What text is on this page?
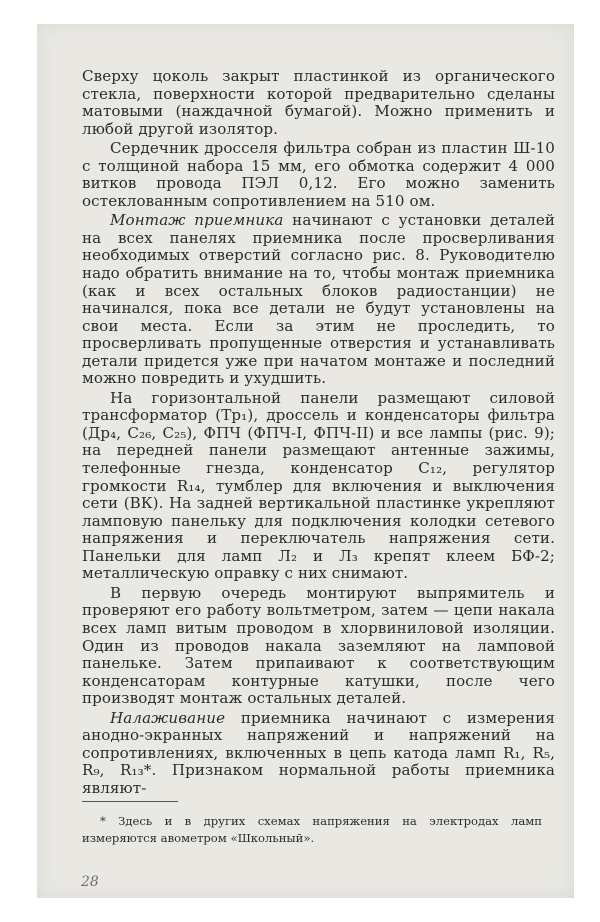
Сверху цоколь закрыт пластинкой из органического стекла, поверхности которой предварительно сделаны матовыми (наждачной бумагой). Можно применить и любой другой изолятор.

Сердечник дросселя фильтра собран из пластин Ш-10 с толщиной набора 15 мм, его обмотка содержит 4 000 витков провода ПЭЛ 0,12. Его можно заменить остеклованным сопротивлением на 510 ом.

Монтаж приемника начинают с установки деталей на всех панелях приемника после просверливания необходимых отверстий согласно рис. 8. Руководителю надо обратить внимание на то, чтобы монтаж приемника (как и всех остальных блоков радиостанции) не начинался, пока все детали не будут установлены на свои места. Если за этим не проследить, то просверливать пропущенные отверстия и устанавливать детали придется уже при начатом монтаже и последний можно повредить и ухудшить.

На горизонтальной панели размещают силовой трансформатор (Tp₁), дроссель и конденсаторы фильтра (Др₄, C₂₆, C₂₅), ФПЧ (ФПЧ-I, ФПЧ-II) и все лампы (рис. 9); на передней панели размещают антенные зажимы, телефонные гнезда, конденсатор C₁₂, регулятор громкости R₁₄, тумблер для включения и выключения сети (ВК). На задней вертикальной пластинке укрепляют ламповую панельку для подключения колодки сетевого напряжения и переключатель напряжения сети. Панельки для ламп Л₂ и Л₃ крепят клеем БФ-2; металлическую оправку с них снимают.

В первую очередь монтируют выпрямитель и проверяют его работу вольтметром, затем — цепи накала всех ламп витым проводом в хлорвиниловой изоляции. Один из проводов накала заземляют на ламповой панельке. Затем припаивают к соответствующим конденсаторам контурные катушки, после чего производят монтаж остальных деталей.

Налаживание приемника начинают с измерения анодно-экранных напряжений и напряжений на сопротивлениях, включенных в цепь катода ламп R₁, R₅, R₉, R₁₃*. Признаком нормальной работы приемника являют-

* Здесь и в других схемах напряжения на электродах ламп измеряются авометром «Школьный».

28
